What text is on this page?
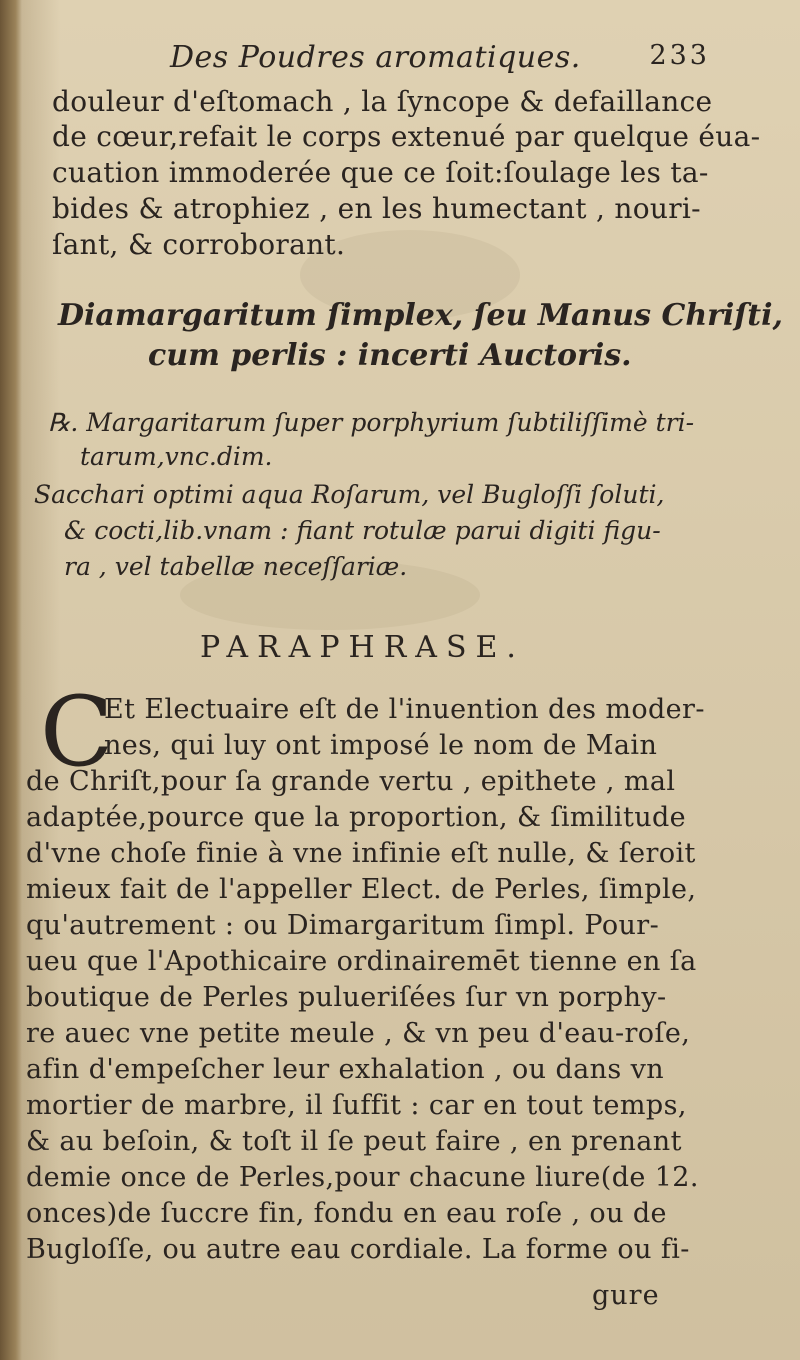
Des Poudres aromatiques.	233
douleur d'eſtomach , la ſyncope & defaillance
de cœur,refait le corps extenué par quelque éua-
cuation immoderée que ce ſoit:ſoulage les ta-
bides & atrophiez , en les humectant , nouri-
ſant, & corroborant.
Diamargaritum ſimplex, ſeu Manus Chriſti,
cum perlis : incerti Auctoris.
℞. Margaritarum ſuper porphyrium ſubtiliſſimè tri-
tarum,vnc.dim.
Sacchari optimi aqua Roſarum, vel Bugloſſi ſoluti,
& cocti,lib.vnam : fiant rotulæ parui digiti figu-
ra , vel tabellæ neceſſariæ.
PARAPHRASE.
C
Et Electuaire eſt de l'inuention des moder-
nes, qui luy ont imposé le nom de Main
de Chriſt,pour ſa grande vertu , epithete , mal
adaptée,pource que la proportion, & ſimilitude
d'vne choſe finie à vne infinie eſt nulle, & ſeroit
mieux fait de l'appeller Elect. de Perles, ſimple,
qu'autrement : ou Dimargaritum ſimpl. Pour-
ueu que l'Apothicaire ordinairemēt tienne en ſa
boutique de Perles pulueriſées ſur vn porphy-
re auec vne petite meule , & vn peu d'eau-roſe,
afin d'empeſcher leur exhalation , ou dans vn
mortier de marbre, il ſuffit : car en tout temps,
& au beſoin, & toſt il ſe peut faire , en prenant
demie once de Perles,pour chacune liure(de 12.
onces)de ſuccre fin, fondu en eau roſe , ou de
Bugloſſe, ou autre eau cordiale. La forme ou fi-
gure
